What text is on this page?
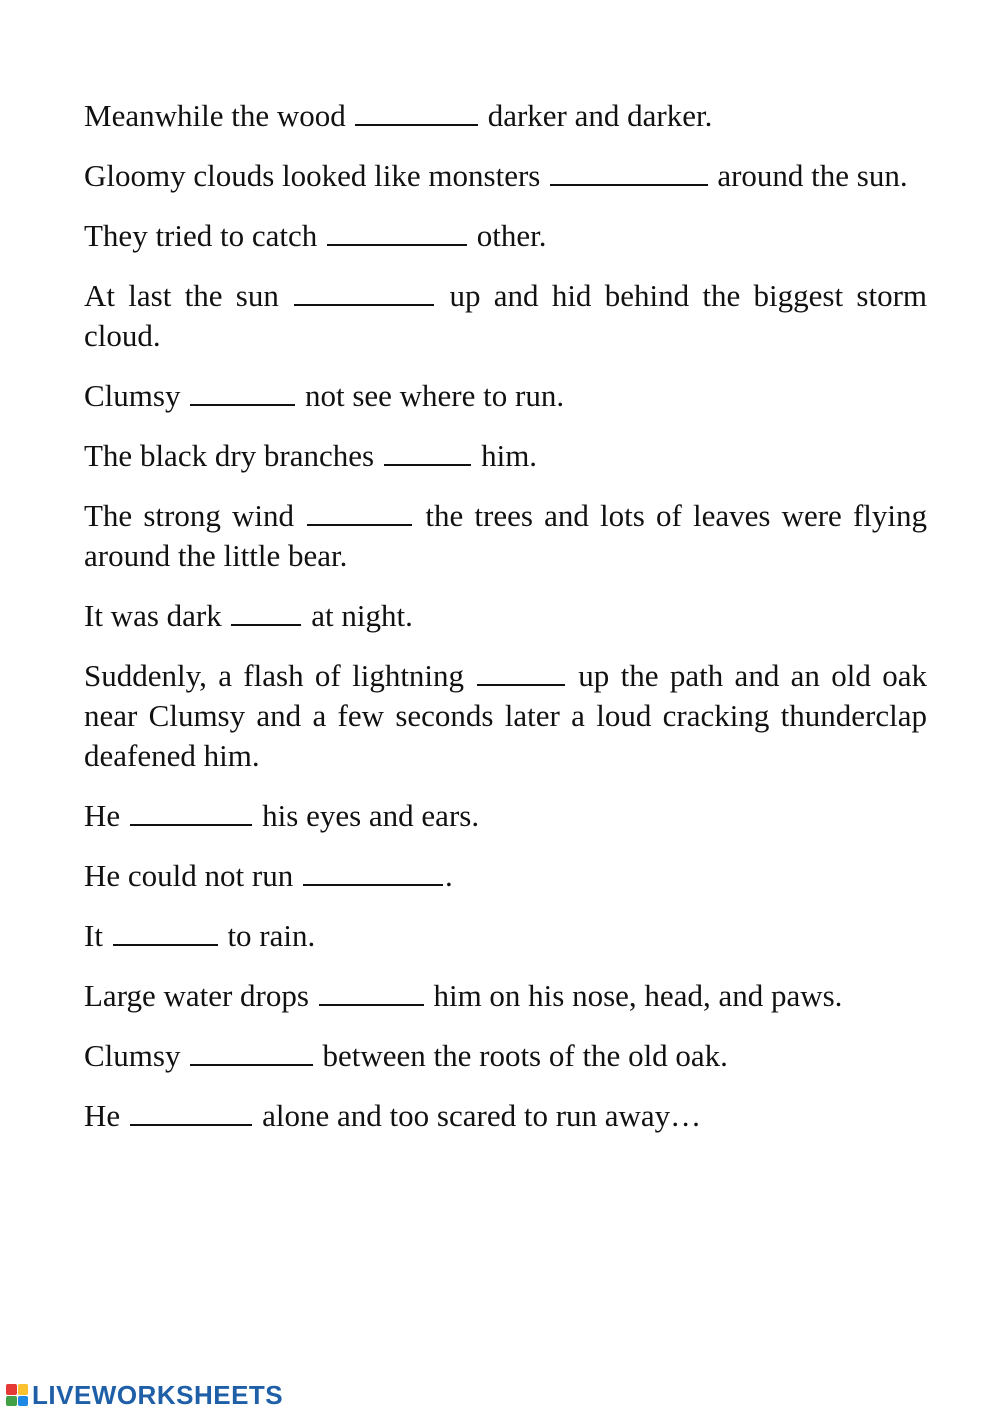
Meanwhile the wood	darker and darker.

Gloomy clouds looked like monsters	around the sun.

They tried to catch	other.

At last the sun	up and hid behind the biggest storm cloud.

Clumsy	not see where to run.

The black dry branches	him.

The strong wind	the trees and lots of leaves were flying around the little bear.

It was dark	at night.

Suddenly, a flash of lightning	up the path and an old oak near Clumsy and a few seconds later a loud cracking thunderclap deafened him.

He	his eyes and ears.

He could not run	.

It	to rain.

Large water drops	him on his nose, head, and paws.

Clumsy	between the roots of the old oak.

He	alone and too scared to run away…

LIVEWORKSHEETS
